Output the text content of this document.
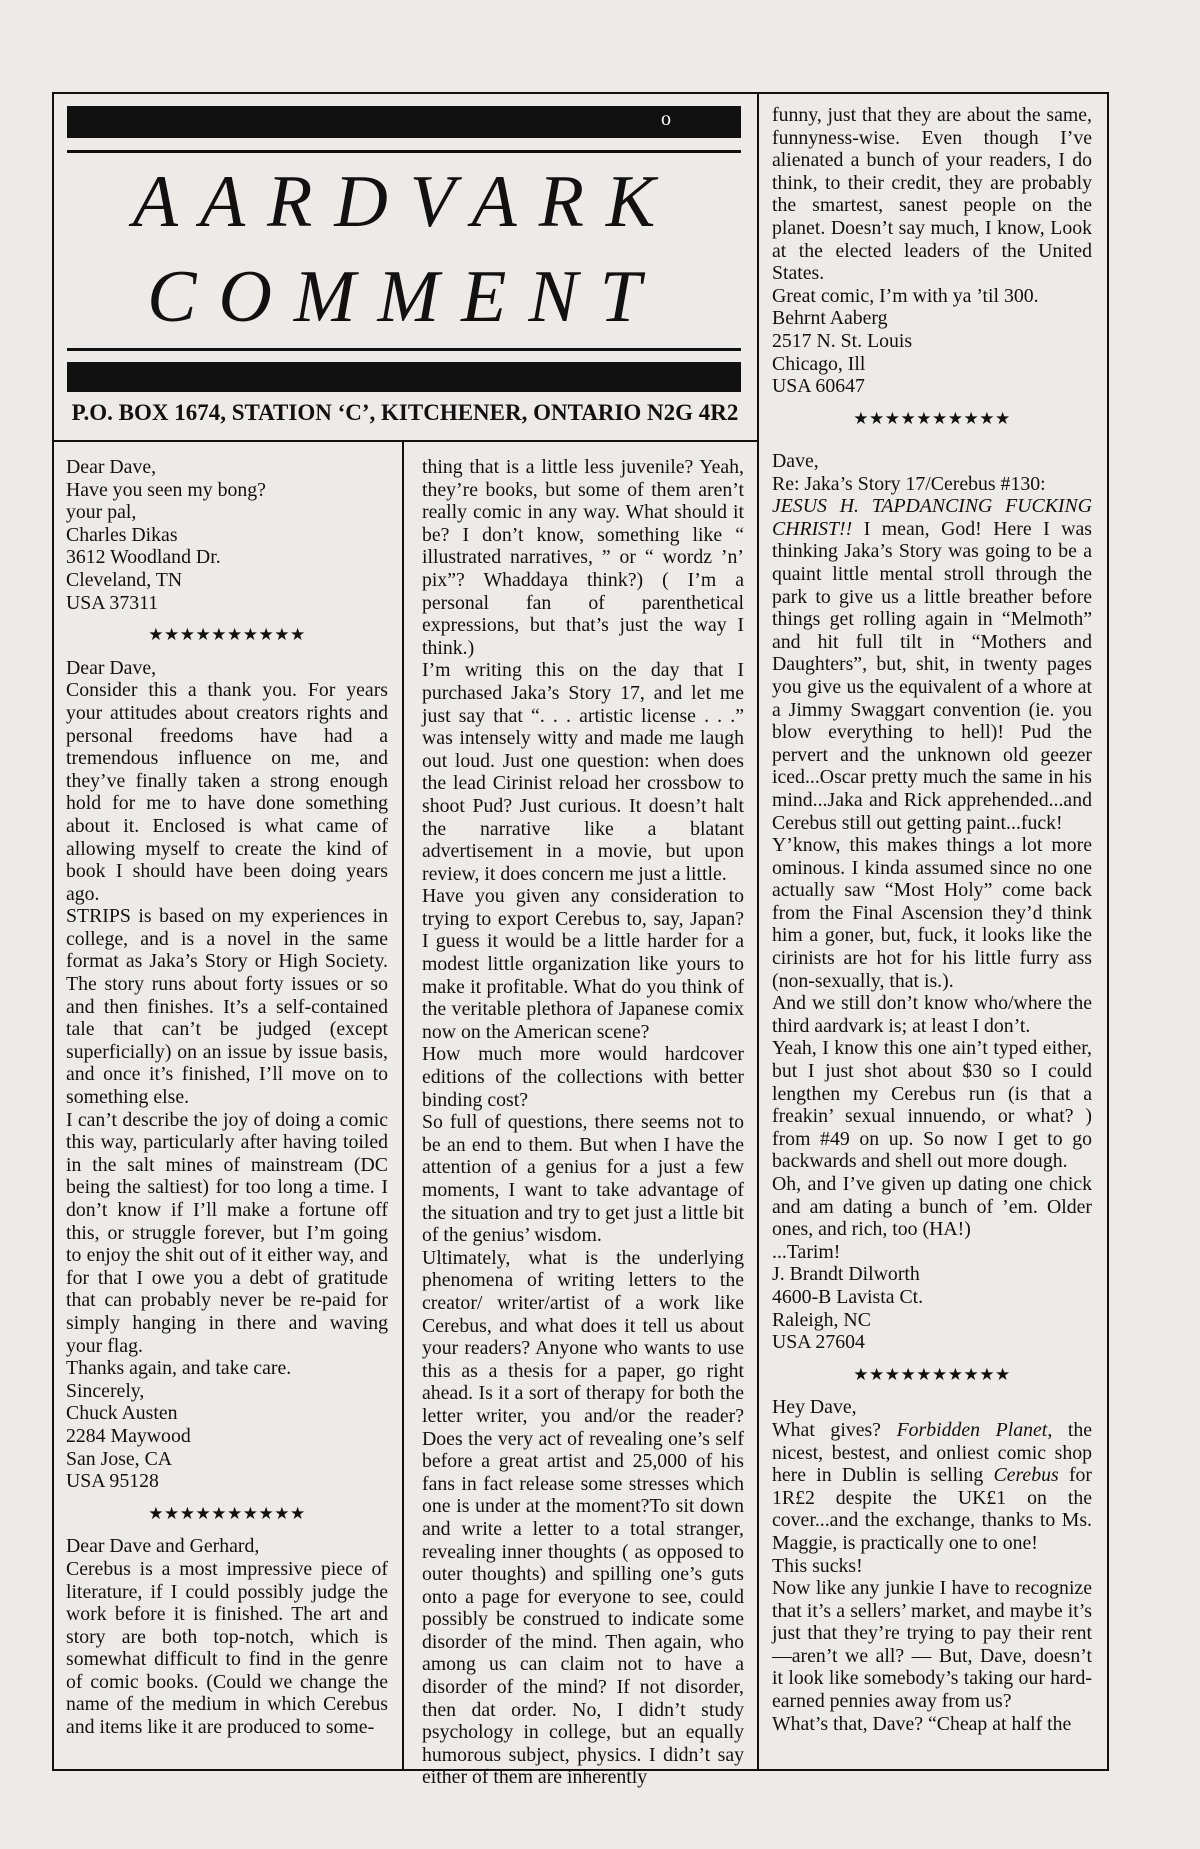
o
AARDVARK
COMMENT
P.O. BOX 1674, STATION ‘C’, KITCHENER, ONTARIO N2G 4R2

funny, just that they are about the same, funnyness-wise. Even though I’ve alienated a bunch of your readers, I do think, to their credit, they are probably the smartest, sanest people on the planet. Doesn’t say much, I know, Look at the elected leaders of the United States.

Great comic, I’m with ya ’til 300.

Behrnt Aaberg

2517 N. St. Louis

Chicago, Ill

USA 60647

★★★★★★★★★★

Dear Dave,

Have you seen my bong?

your pal,

Charles Dikas

3612 Woodland Dr.

Cleveland, TN

USA 37311

★★★★★★★★★★

Dear Dave,

Consider this a thank you. For years your attitudes about creators rights and personal freedoms have had a tremendous influence on me, and they’ve finally taken a strong enough hold for me to have done something about it. Enclosed is what came of allowing myself to create the kind of book I should have been doing years ago.

STRIPS is based on my experiences in college, and is a novel in the same format as Jaka’s Story or High Society. The story runs about forty issues or so and then finishes. It’s a self-contained tale that can’t be judged (except superficially) on an issue by issue basis, and once it’s finished, I’ll move on to something else.

I can’t describe the joy of doing a comic this way, particularly after having toiled in the salt mines of mainstream (DC being the saltiest) for too long a time. I don’t know if I’ll make a fortune off this, or struggle forever, but I’m going to enjoy the shit out of it either way, and for that I owe you a debt of gratitude that can probably never be re-paid for simply hanging in there and waving your flag.

Thanks again, and take care.

Sincerely,

Chuck Austen

2284 Maywood

San Jose, CA

USA 95128

★★★★★★★★★★

Dear Dave and Gerhard,

Cerebus is a most impressive piece of literature, if I could possibly judge the work before it is finished. The art and story are both top-notch, which is somewhat difficult to find in the genre of comic books. (Could we change the name of the medium in which Cerebus and items like it are produced to some-

thing that is a little less juvenile? Yeah, they’re books, but some of them aren’t really comic in any way. What should it be? I don’t know, something like “ illustrated narratives, ” or “ wordz ’n’ pix”? Whaddaya think?) ( I’m a personal fan of parenthetical expressions, but that’s just the way I think.)

I’m writing this on the day that I purchased Jaka’s Story 17, and let me just say that “. . . artistic license . . .” was intensely witty and made me laugh out loud. Just one question: when does the lead Cirinist reload her crossbow to shoot Pud? Just curious. It doesn’t halt the narrative like a blatant advertisement in a movie, but upon review, it does concern me just a little.

Have you given any consideration to trying to export Cerebus to, say, Japan? I guess it would be a little harder for a modest little organization like yours to make it profitable. What do you think of the veritable plethora of Japanese comix now on the American scene?

How much more would hardcover editions of the collections with better binding cost?

So full of questions, there seems not to be an end to them. But when I have the attention of a genius for a just a few moments, I want to take advantage of the situation and try to get just a little bit of the genius’ wisdom.

Ultimately, what is the underlying phenomena of writing letters to the creator/ writer/artist of a work like Cerebus, and what does it tell us about your readers? Anyone who wants to use this as a thesis for a paper, go right ahead. Is it a sort of therapy for both the letter writer, you and/or the reader? Does the very act of revealing one’s self before a great artist and 25,000 of his fans in fact release some stresses which one is under at the moment?To sit down and write a letter to a total stranger, revealing inner thoughts ( as opposed to outer thoughts) and spilling one’s guts onto a page for everyone to see, could possibly be construed to indicate some disorder of the mind. Then again, who among us can claim not to have a disorder of the mind? If not disorder, then dat order. No, I didn’t study psychology in college, but an equally humorous subject, physics. I didn’t say either of them are inherently

Dave,

Re: Jaka’s Story 17/Cerebus #130:

JESUS H. TAPDANCING FUCKING CHRIST!! I mean, God! Here I was thinking Jaka’s Story was going to be a quaint little mental stroll through the park to give us a little breather before things get rolling again in “Melmoth” and hit full tilt in “Mothers and Daughters”, but, shit, in twenty pages you give us the equivalent of a whore at a Jimmy Swaggart convention (ie. you blow everything to hell)! Pud the pervert and the unknown old geezer iced...Oscar pretty much the same in his mind...Jaka and Rick apprehended...and Cerebus still out getting paint...fuck!

Y’know, this makes things a lot more ominous. I kinda assumed since no one actually saw “Most Holy” come back from the Final Ascension they’d think him a goner, but, fuck, it looks like the cirinists are hot for his little furry ass (non-sexually, that is.).

And we still don’t know who/where the third aardvark is; at least I don’t.

Yeah, I know this one ain’t typed either, but I just shot about $30 so I could lengthen my Cerebus run (is that a freakin’ sexual innuendo, or what? ) from #49 on up. So now I get to go backwards and shell out more dough.

Oh, and I’ve given up dating one chick and am dating a bunch of ’em. Older ones, and rich, too (HA!)

...Tarim!

J. Brandt Dilworth

4600-B Lavista Ct.

Raleigh, NC

USA 27604

★★★★★★★★★★

Hey Dave,

What gives? Forbidden Planet, the nicest, bestest, and onliest comic shop here in Dublin is selling Cerebus for 1R£2 despite the UK£1 on the cover...and the exchange, thanks to Ms. Maggie, is practically one to one!

This sucks!

Now like any junkie I have to recognize that it’s a sellers’ market, and maybe it’s just that they’re trying to pay their rent—aren’t we all? — But, Dave, doesn’t it look like somebody’s taking our hard-earned pennies away from us?

What’s that, Dave? “Cheap at half the
